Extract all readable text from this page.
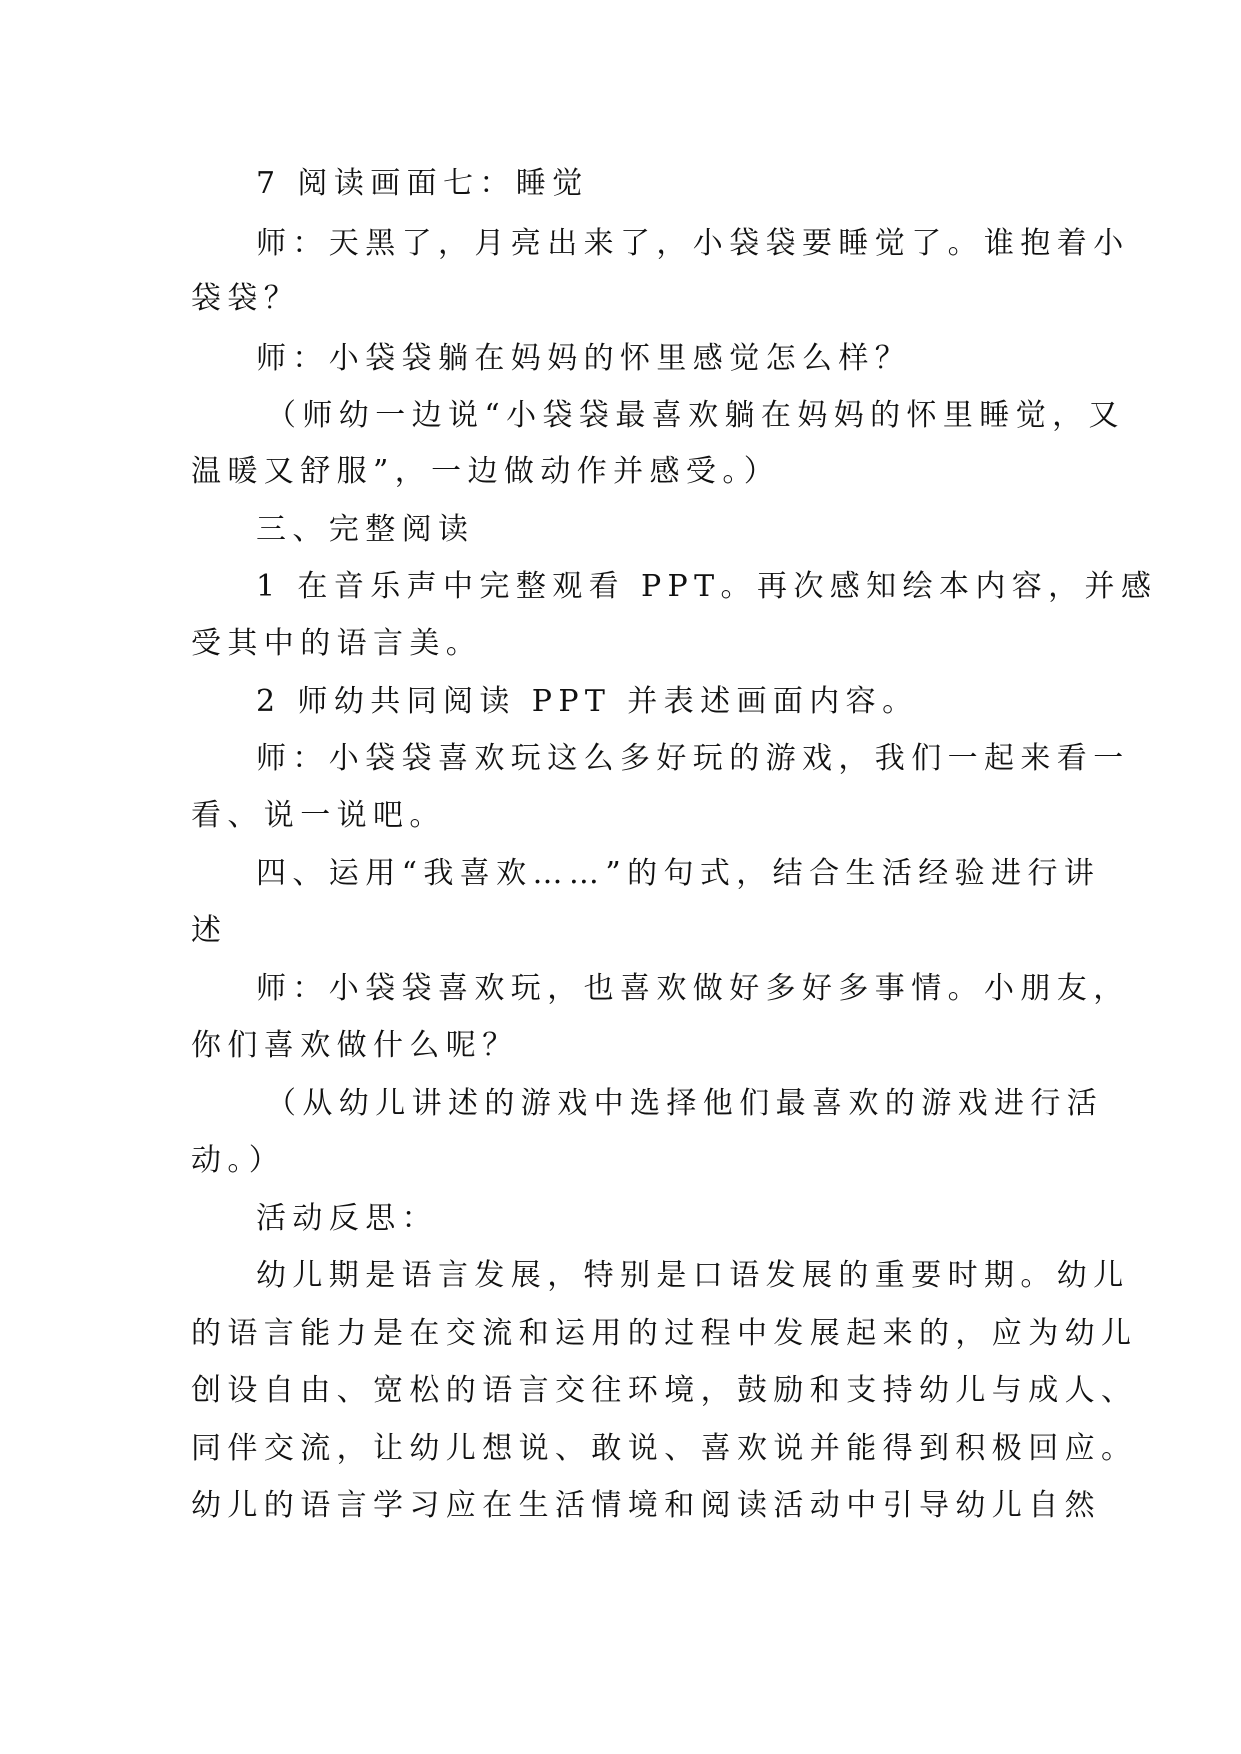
7 阅读画面七：睡觉
师：天黑了，月亮出来了，小袋袋要睡觉了。谁抱着小
袋袋？
师：小袋袋躺在妈妈的怀里感觉怎么样？
（师幼一边说“小袋袋最喜欢躺在妈妈的怀里睡觉，又
温暖又舒服”，一边做动作并感受。）
三、完整阅读
1 在音乐声中完整观看 PPT。再次感知绘本内容，并感
受其中的语言美。
2 师幼共同阅读 PPT 并表述画面内容。
师：小袋袋喜欢玩这么多好玩的游戏，我们一起来看一
看、说一说吧。
四、运用“我喜欢……”的句式，结合生活经验进行讲
述
师：小袋袋喜欢玩，也喜欢做好多好多事情。小朋友，
你们喜欢做什么呢？
（从幼儿讲述的游戏中选择他们最喜欢的游戏进行活
动。）
活动反思：
幼儿期是语言发展，特别是口语发展的重要时期。幼儿
的语言能力是在交流和运用的过程中发展起来的，应为幼儿
创设自由、宽松的语言交往环境，鼓励和支持幼儿与成人、
同伴交流，让幼儿想说、敢说、喜欢说并能得到积极回应。
幼儿的语言学习应在生活情境和阅读活动中引导幼儿自然
